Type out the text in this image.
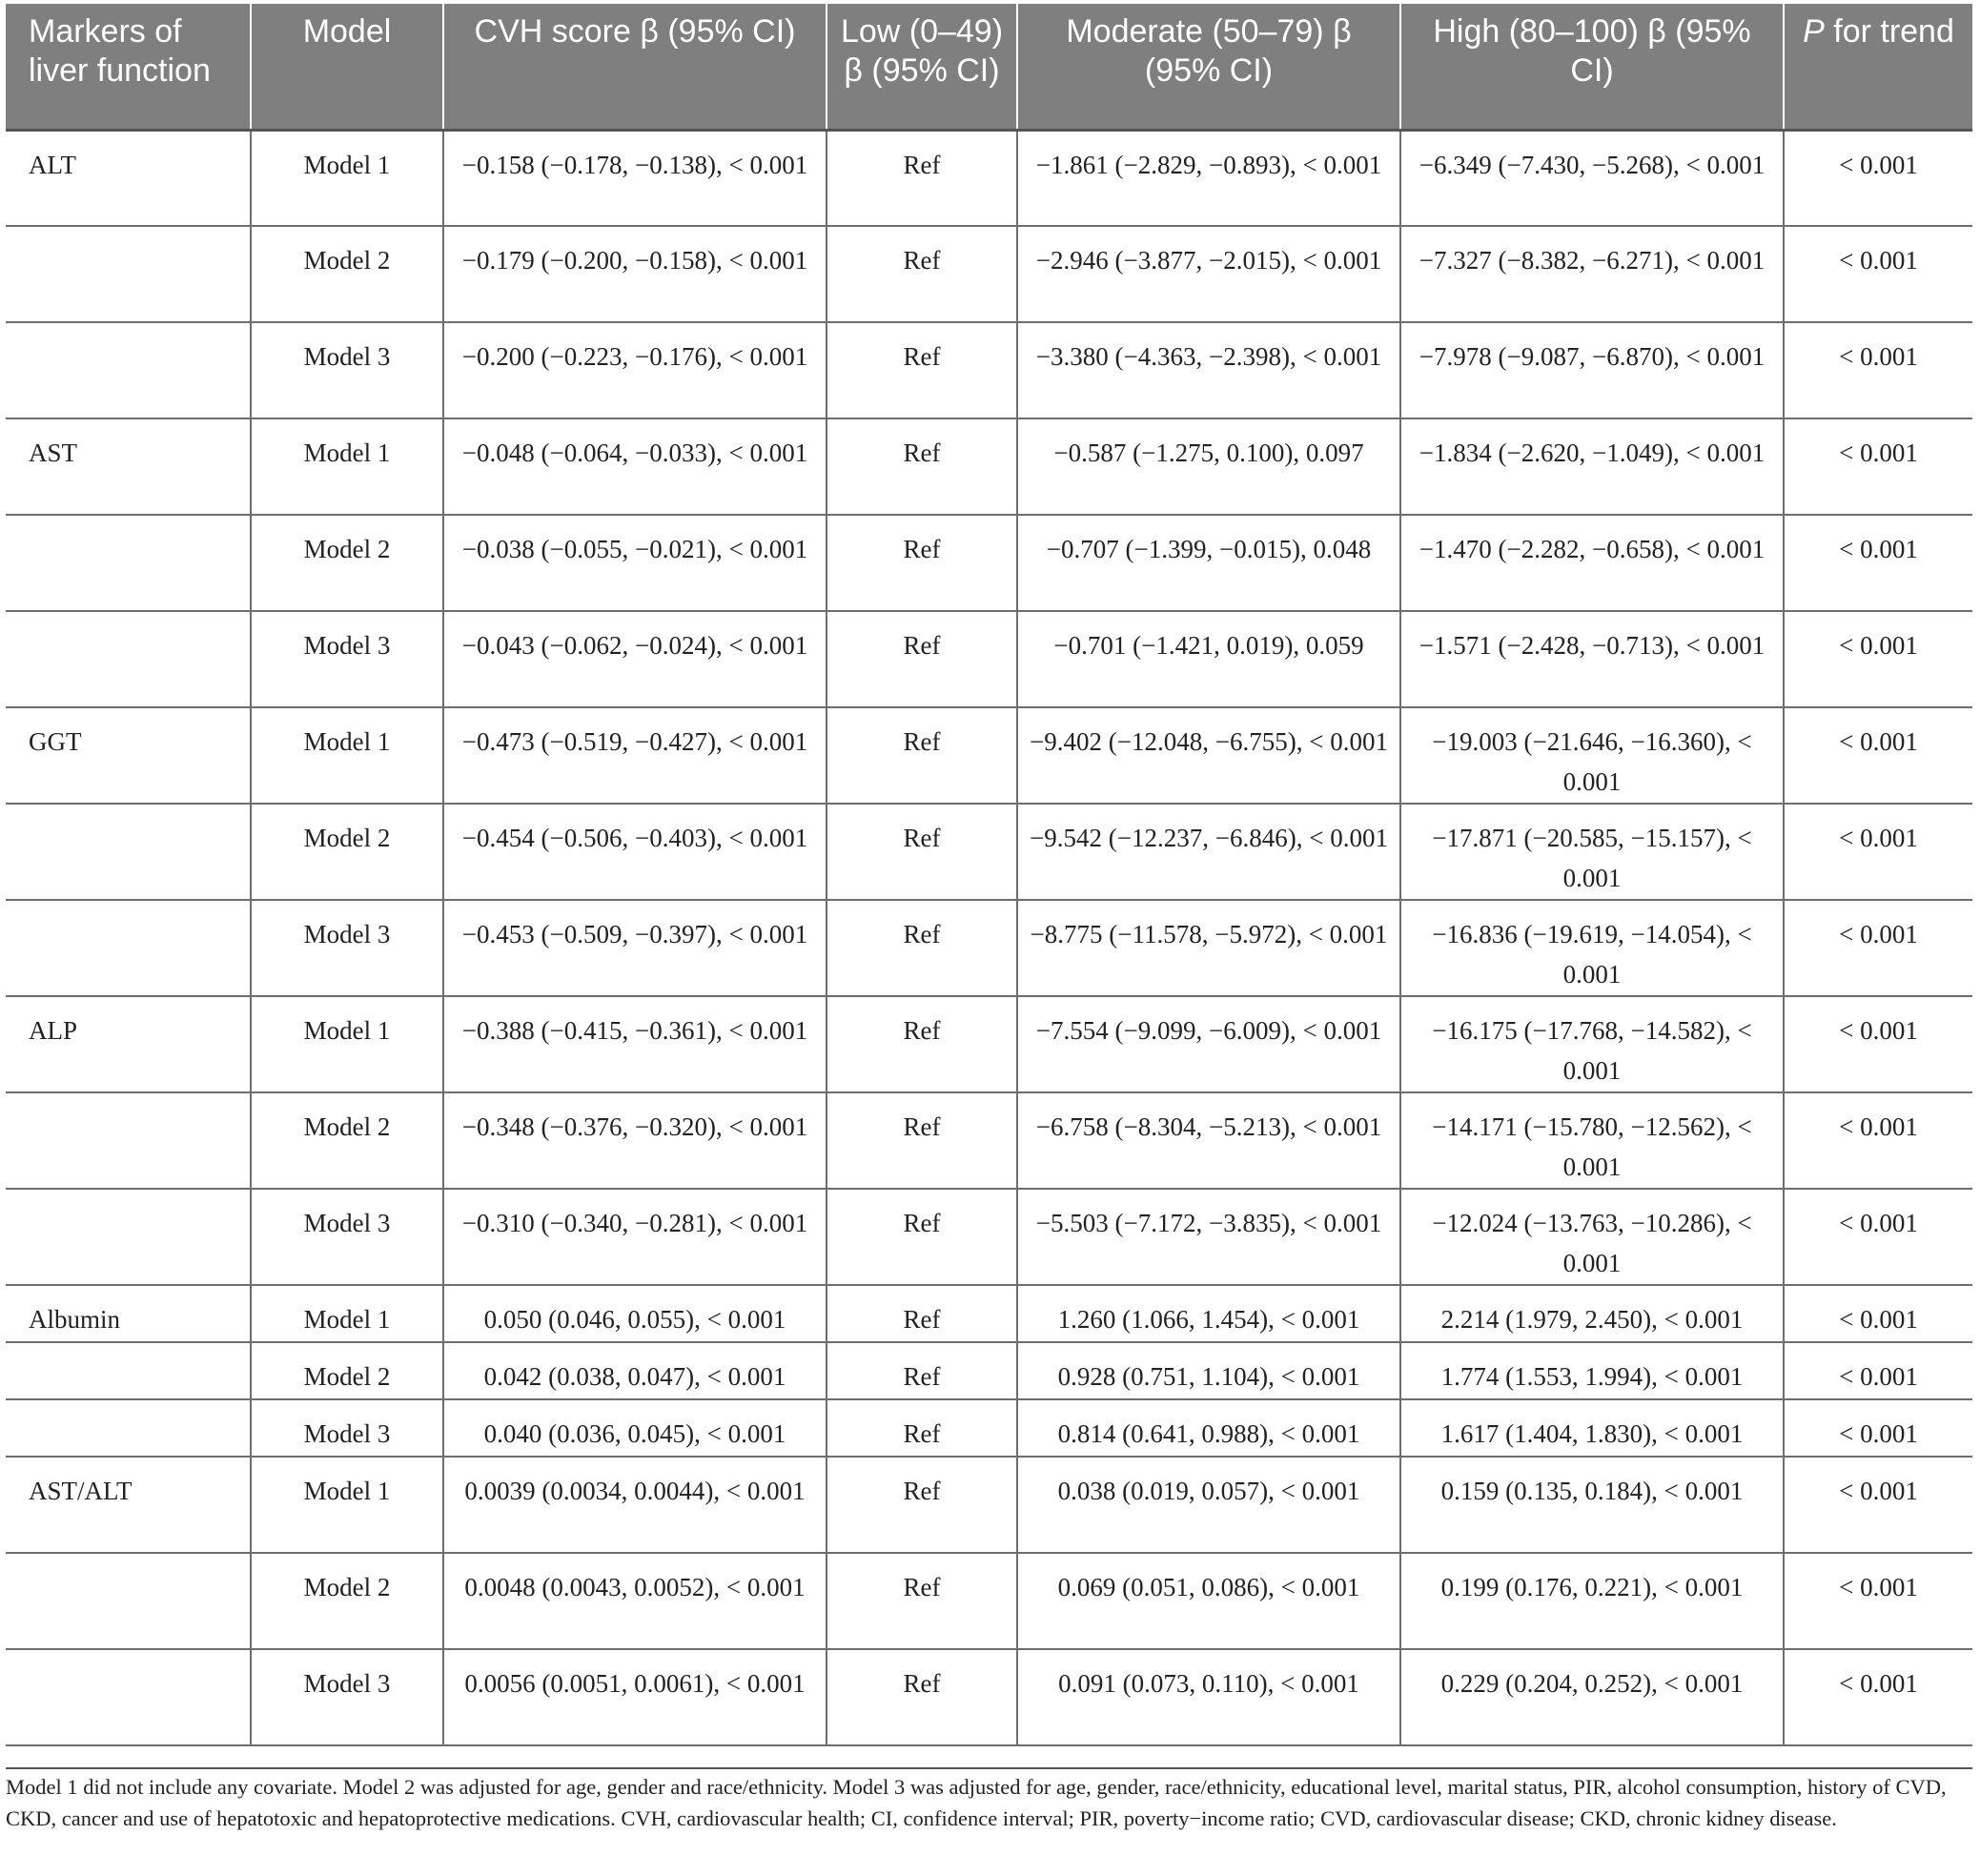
Markers of liver function	Model	CVH score β (95% CI)	Low (0–49) β (95% CI)	Moderate (50–79) β (95% CI)	High (80–100) β (95% CI)	P for trend
ALT	Model 1	−0.158 (−0.178, −0.138), < 0.001	Ref	−1.861 (−2.829, −0.893), < 0.001	−6.349 (−7.430, −5.268), < 0.001	< 0.001
	Model 2	−0.179 (−0.200, −0.158), < 0.001	Ref	−2.946 (−3.877, −2.015), < 0.001	−7.327 (−8.382, −6.271), < 0.001	< 0.001
	Model 3	−0.200 (−0.223, −0.176), < 0.001	Ref	−3.380 (−4.363, −2.398), < 0.001	−7.978 (−9.087, −6.870), < 0.001	< 0.001
AST	Model 1	−0.048 (−0.064, −0.033), < 0.001	Ref	−0.587 (−1.275, 0.100), 0.097	−1.834 (−2.620, −1.049), < 0.001	< 0.001
	Model 2	−0.038 (−0.055, −0.021), < 0.001	Ref	−0.707 (−1.399, −0.015), 0.048	−1.470 (−2.282, −0.658), < 0.001	< 0.001
	Model 3	−0.043 (−0.062, −0.024), < 0.001	Ref	−0.701 (−1.421, 0.019), 0.059	−1.571 (−2.428, −0.713), < 0.001	< 0.001
GGT	Model 1	−0.473 (−0.519, −0.427), < 0.001	Ref	−9.402 (−12.048, −6.755), < 0.001	−19.003 (−21.646, −16.360), < 0.001	< 0.001
	Model 2	−0.454 (−0.506, −0.403), < 0.001	Ref	−9.542 (−12.237, −6.846), < 0.001	−17.871 (−20.585, −15.157), < 0.001	< 0.001
	Model 3	−0.453 (−0.509, −0.397), < 0.001	Ref	−8.775 (−11.578, −5.972), < 0.001	−16.836 (−19.619, −14.054), < 0.001	< 0.001
ALP	Model 1	−0.388 (−0.415, −0.361), < 0.001	Ref	−7.554 (−9.099, −6.009), < 0.001	−16.175 (−17.768, −14.582), < 0.001	< 0.001
	Model 2	−0.348 (−0.376, −0.320), < 0.001	Ref	−6.758 (−8.304, −5.213), < 0.001	−14.171 (−15.780, −12.562), < 0.001	< 0.001
	Model 3	−0.310 (−0.340, −0.281), < 0.001	Ref	−5.503 (−7.172, −3.835), < 0.001	−12.024 (−13.763, −10.286), < 0.001	< 0.001
Albumin	Model 1	0.050 (0.046, 0.055), < 0.001	Ref	1.260 (1.066, 1.454), < 0.001	2.214 (1.979, 2.450), < 0.001	< 0.001
	Model 2	0.042 (0.038, 0.047), < 0.001	Ref	0.928 (0.751, 1.104), < 0.001	1.774 (1.553, 1.994), < 0.001	< 0.001
	Model 3	0.040 (0.036, 0.045), < 0.001	Ref	0.814 (0.641, 0.988), < 0.001	1.617 (1.404, 1.830), < 0.001	< 0.001
AST/ALT	Model 1	0.0039 (0.0034, 0.0044), < 0.001	Ref	0.038 (0.019, 0.057), < 0.001	0.159 (0.135, 0.184), < 0.001	< 0.001
	Model 2	0.0048 (0.0043, 0.0052), < 0.001	Ref	0.069 (0.051, 0.086), < 0.001	0.199 (0.176, 0.221), < 0.001	< 0.001
	Model 3	0.0056 (0.0051, 0.0061), < 0.001	Ref	0.091 (0.073, 0.110), < 0.001	0.229 (0.204, 0.252), < 0.001	< 0.001
Model 1 did not include any covariate. Model 2 was adjusted for age, gender and race/ethnicity. Model 3 was adjusted for age, gender, race/ethnicity, educational level, marital status, PIR, alcohol consumption, history of CVD, CKD, cancer and use of hepatotoxic and hepatoprotective medications. CVH, cardiovascular health; CI, confidence interval; PIR, poverty−income ratio; CVD, cardiovascular disease; CKD, chronic kidney disease.
